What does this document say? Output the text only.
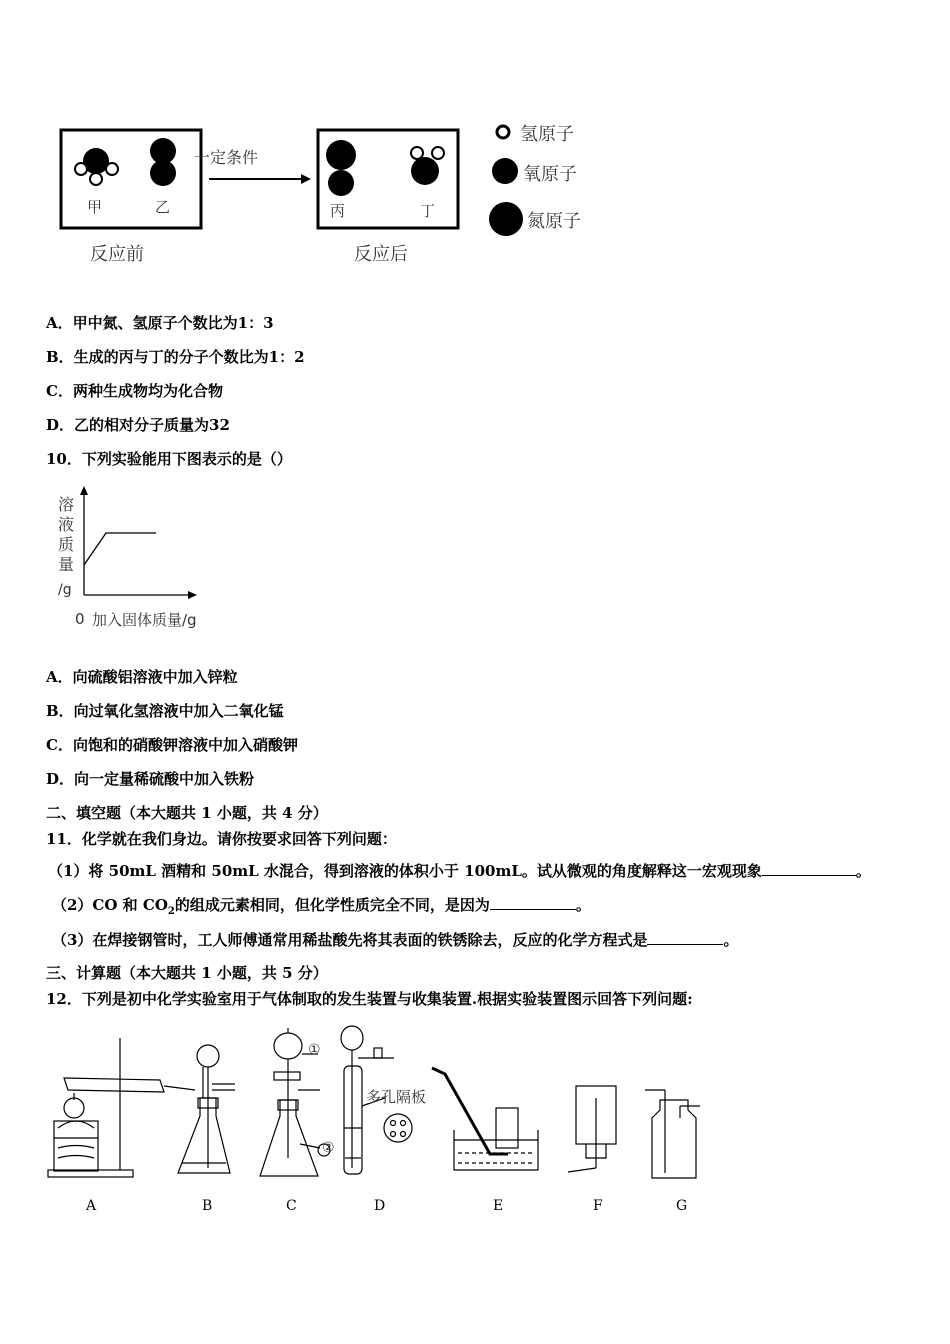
一定条件
甲	乙	丙	丁
反应前	反应后
氢原子
氧原子
氮原子
A．甲中氮、氢原子个数比为1：3
B．生成的丙与丁的分子个数比为1：2
C．两种生成物均为化合物
D．乙的相对分子质量为32
10．下列实验能用下图表示的是（）
溶
液
质
量
/g
0 加入固体质量/g
A．向硫酸铝溶液中加入锌粒
B．向过氧化氢溶液中加入二氧化锰
C．向饱和的硝酸钾溶液中加入硝酸钾
D．向一定量稀硫酸中加入铁粉
二、填空题（本大题共 1 小题，共 4 分）
11．化学就在我们身边。请你按要求回答下列问题：
（1）将 50mL 酒精和 50mL 水混合，得到溶液的体积小于 100mL。试从微观的角度解释这一宏观现象	。
（2）CO 和 $CO_2$的组成元素相同，但化学性质完全不同，是因为	。
（3）在焊接钢管时，工人师傅通常用稀盐酸先将其表面的铁锈除去，反应的化学方程式是	。
三、计算题（本大题共 1 小题，共 5 分）
12．下列是初中化学实验室用于气体制取的发生装置与收集装置.根据实验装置图示回答下列问题:
①
②
多孔隔板
A	B	C	D	E	F	G
